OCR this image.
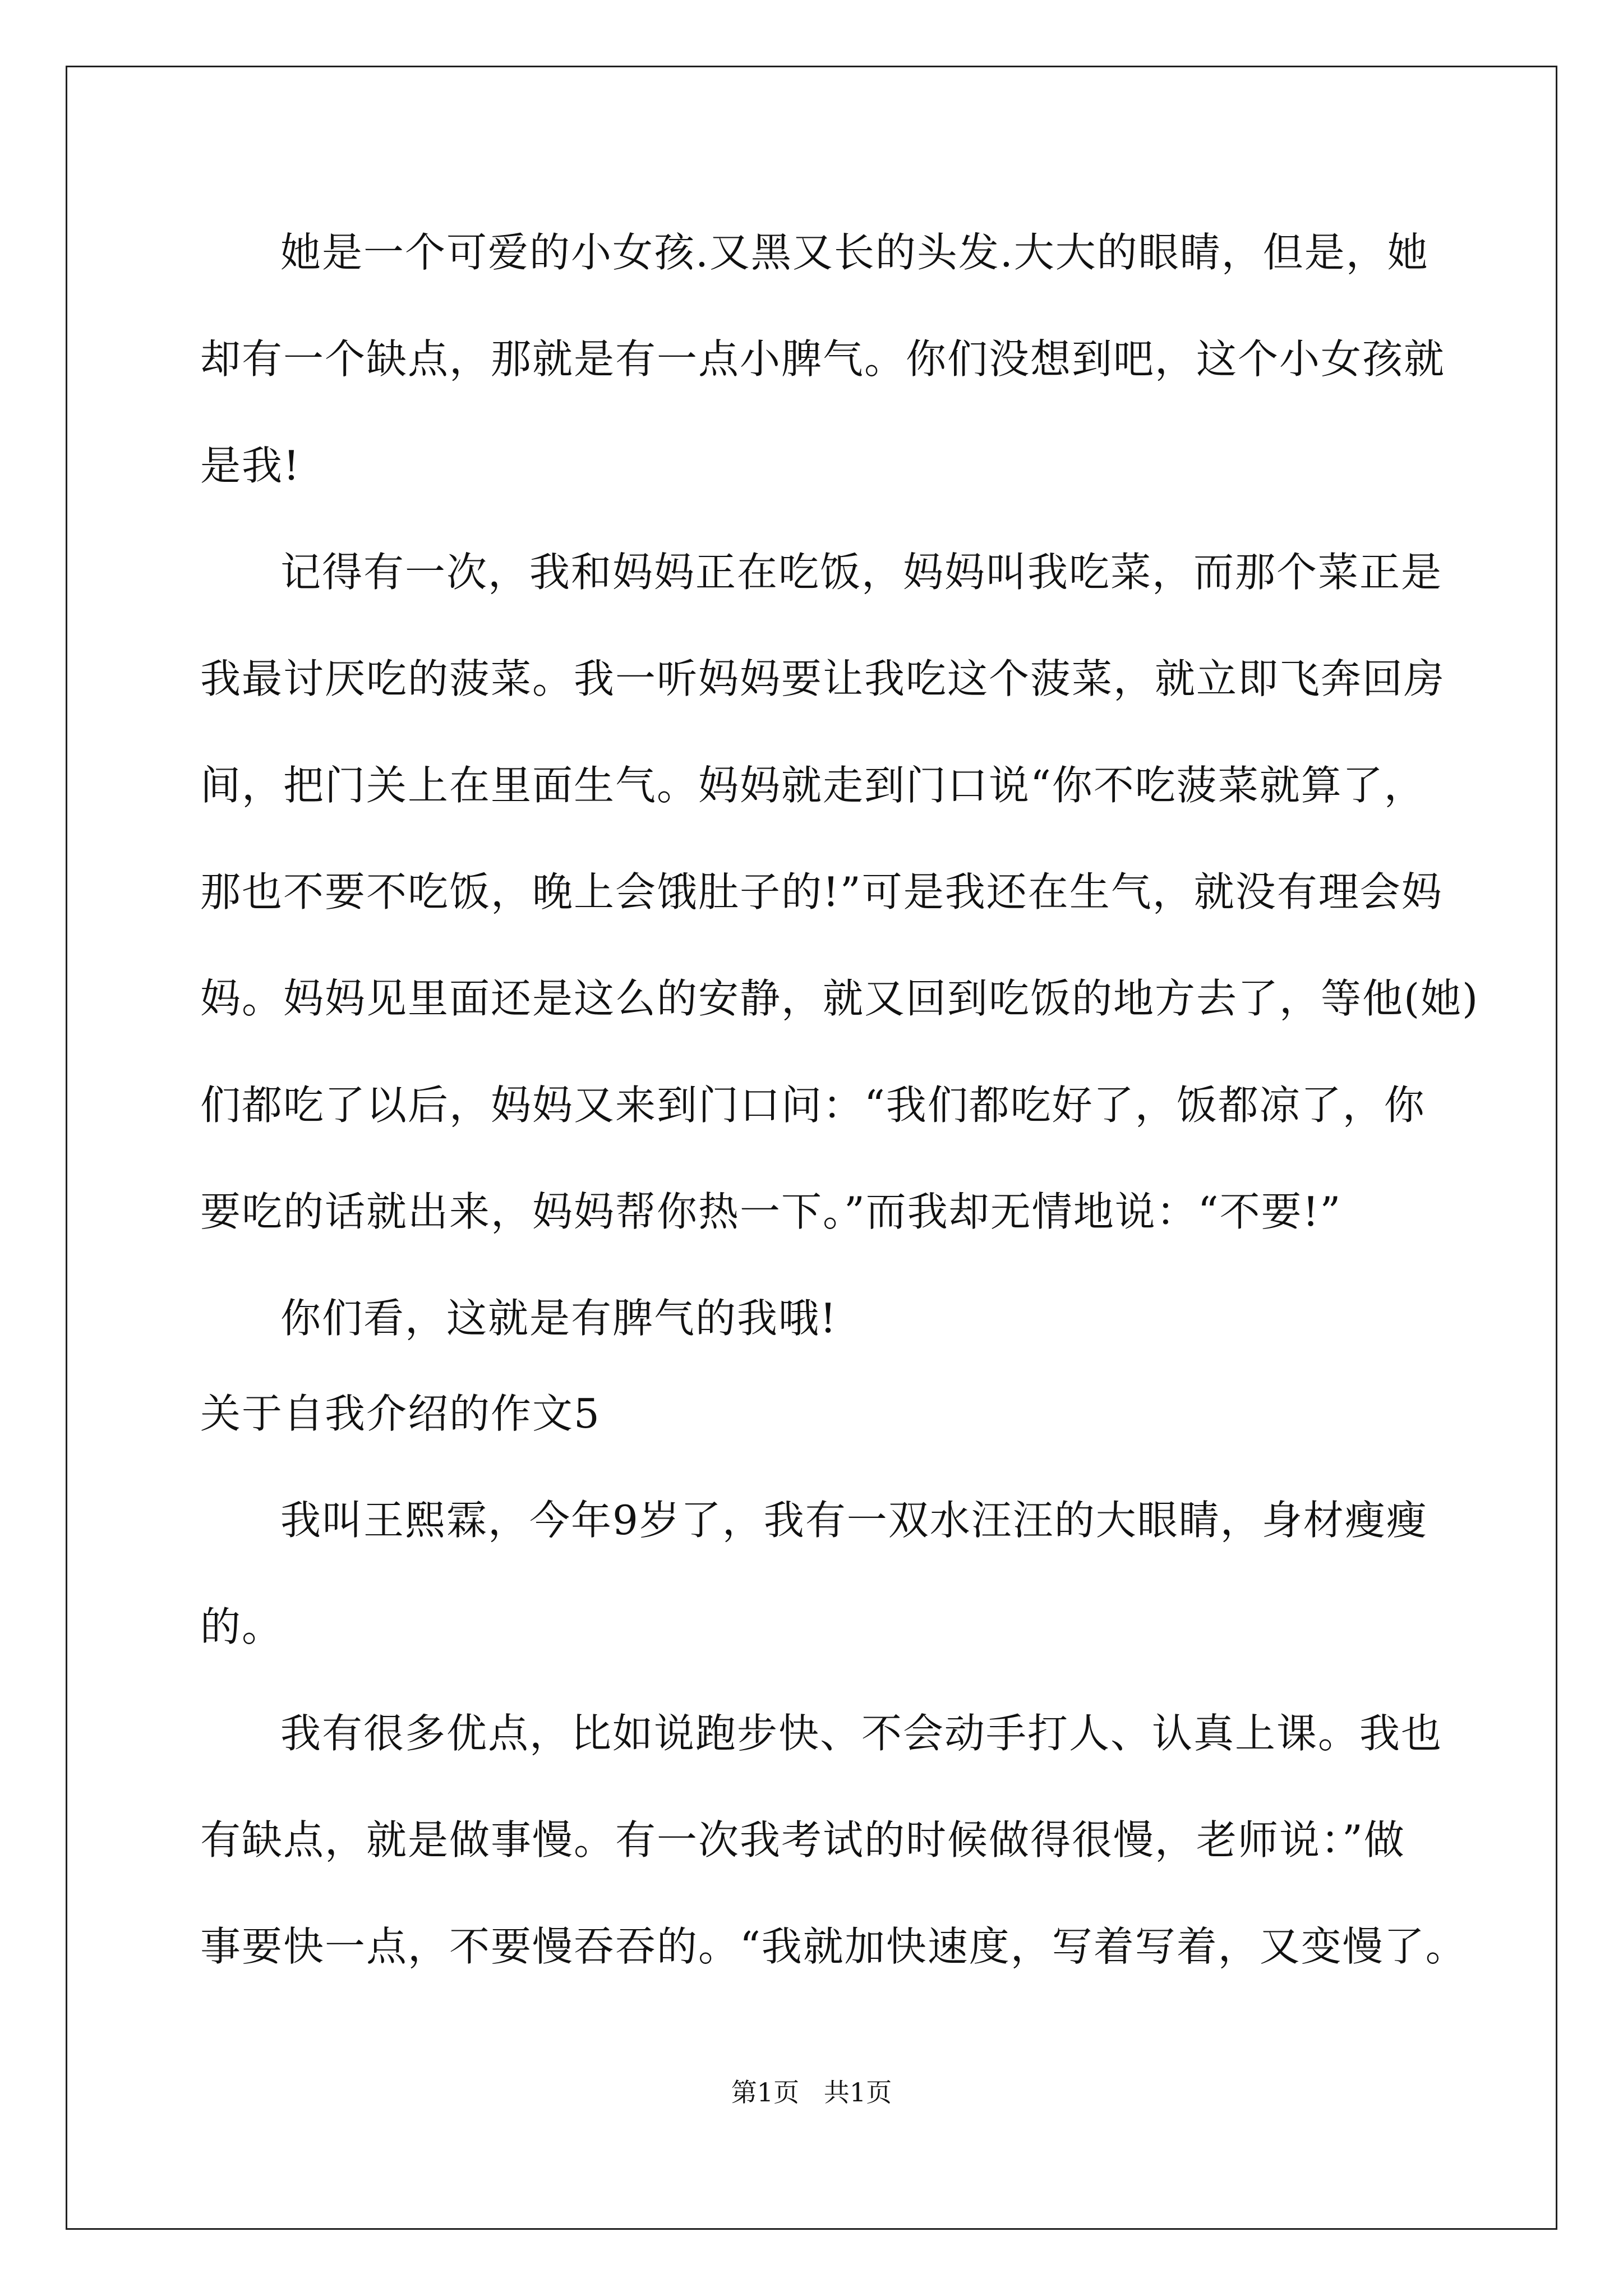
她是一个可爱的小女孩.又黑又长的头发.大大的眼睛，但是，她
却有一个缺点，那就是有一点小脾气。你们没想到吧，这个小女孩就
是我!
记得有一次，我和妈妈正在吃饭，妈妈叫我吃菜，而那个菜正是
我最讨厌吃的菠菜。我一听妈妈要让我吃这个菠菜，就立即飞奔回房
间，把门关上在里面生气。妈妈就走到门口说“你不吃菠菜就算了，
那也不要不吃饭，晚上会饿肚子的!”可是我还在生气，就没有理会妈
妈。妈妈见里面还是这么的安静，就又回到吃饭的地方去了，等他(她)
们都吃了以后，妈妈又来到门口问：“我们都吃好了，饭都凉了，你
要吃的话就出来，妈妈帮你热一下。”而我却无情地说：“不要!”
你们看，这就是有脾气的我哦!
关于自我介绍的作文5
我叫王熙霖，今年9岁了，我有一双水汪汪的大眼睛，身材瘦瘦
的。
我有很多优点，比如说跑步快、不会动手打人、认真上课。我也
有缺点，就是做事慢。有一次我考试的时候做得很慢，老师说：”做
事要快一点，不要慢吞吞的。“我就加快速度，写着写着，又变慢了。
第1页   共1页
